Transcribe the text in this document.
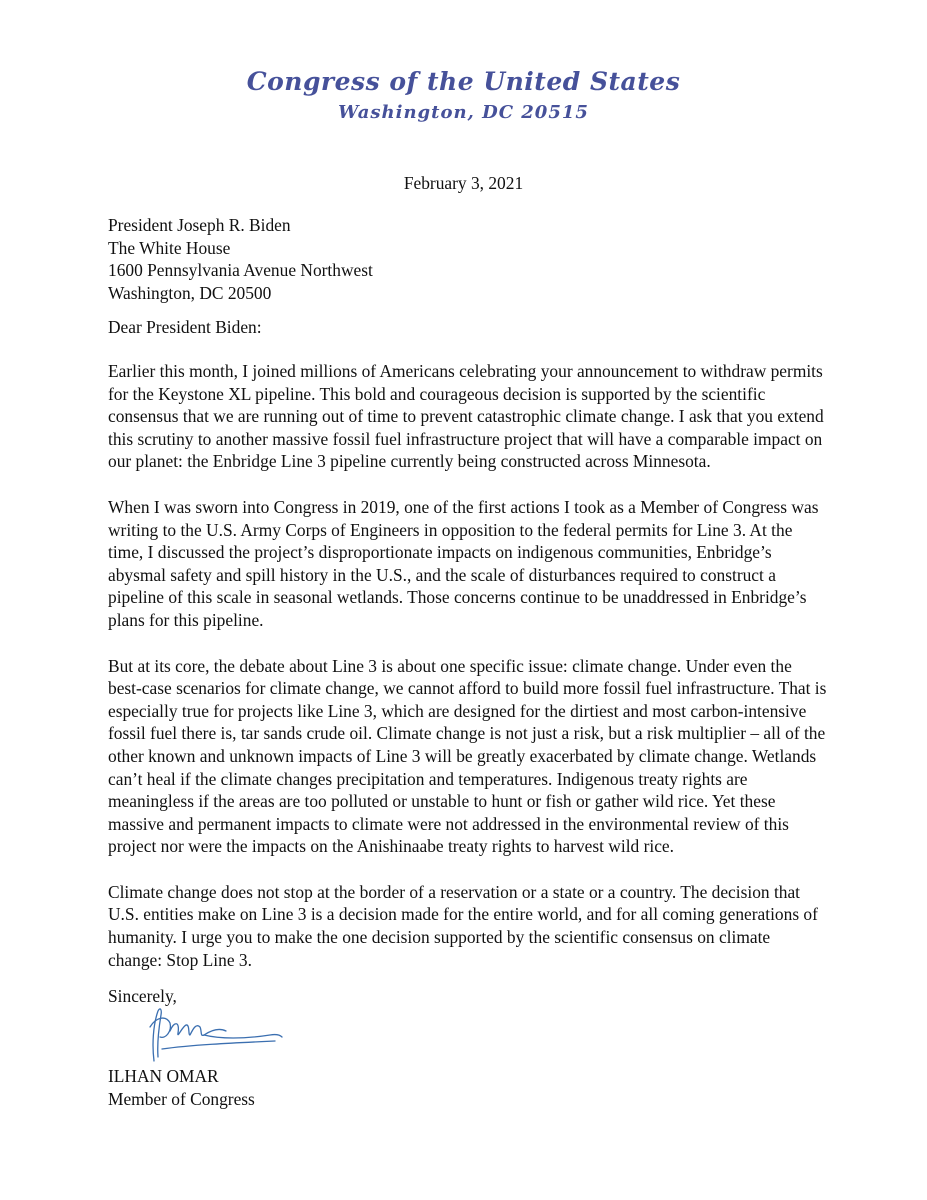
Congress of the United States
Washington, DC 20515
February 3, 2021
President Joseph R. Biden
The White House
1600 Pennsylvania Avenue Northwest
Washington, DC 20500
Dear President Biden:

Earlier this month, I joined millions of Americans celebrating your announcement to withdraw permits for the Keystone XL pipeline. This bold and courageous decision is supported by the scientific consensus that we are running out of time to prevent catastrophic climate change. I ask that you extend this scrutiny to another massive fossil fuel infrastructure project that will have a comparable impact on our planet: the Enbridge Line 3 pipeline currently being constructed across Minnesota.

When I was sworn into Congress in 2019, one of the first actions I took as a Member of Congress was writing to the U.S. Army Corps of Engineers in opposition to the federal permits for Line 3. At the time, I discussed the project’s disproportionate impacts on indigenous communities, Enbridge’s abysmal safety and spill history in the U.S., and the scale of disturbances required to construct a pipeline of this scale in seasonal wetlands. Those concerns continue to be unaddressed in Enbridge’s plans for this pipeline.

But at its core, the debate about Line 3 is about one specific issue: climate change. Under even the best-case scenarios for climate change, we cannot afford to build more fossil fuel infrastructure. That is especially true for projects like Line 3, which are designed for the dirtiest and most carbon-intensive fossil fuel there is, tar sands crude oil. Climate change is not just a risk, but a risk multiplier – all of the other known and unknown impacts of Line 3 will be greatly exacerbated by climate change. Wetlands can’t heal if the climate changes precipitation and temperatures. Indigenous treaty rights are meaningless if the areas are too polluted or unstable to hunt or fish or gather wild rice. Yet these massive and permanent impacts to climate were not addressed in the environmental review of this project nor were the impacts on the Anishinaabe treaty rights to harvest wild rice.

Climate change does not stop at the border of a reservation or a state or a country. The decision that U.S. entities make on Line 3 is a decision made for the entire world, and for all coming generations of humanity. I urge you to make the one decision supported by the scientific consensus on climate change: Stop Line 3.

Sincerely,
ILHAN OMAR
Member of Congress
